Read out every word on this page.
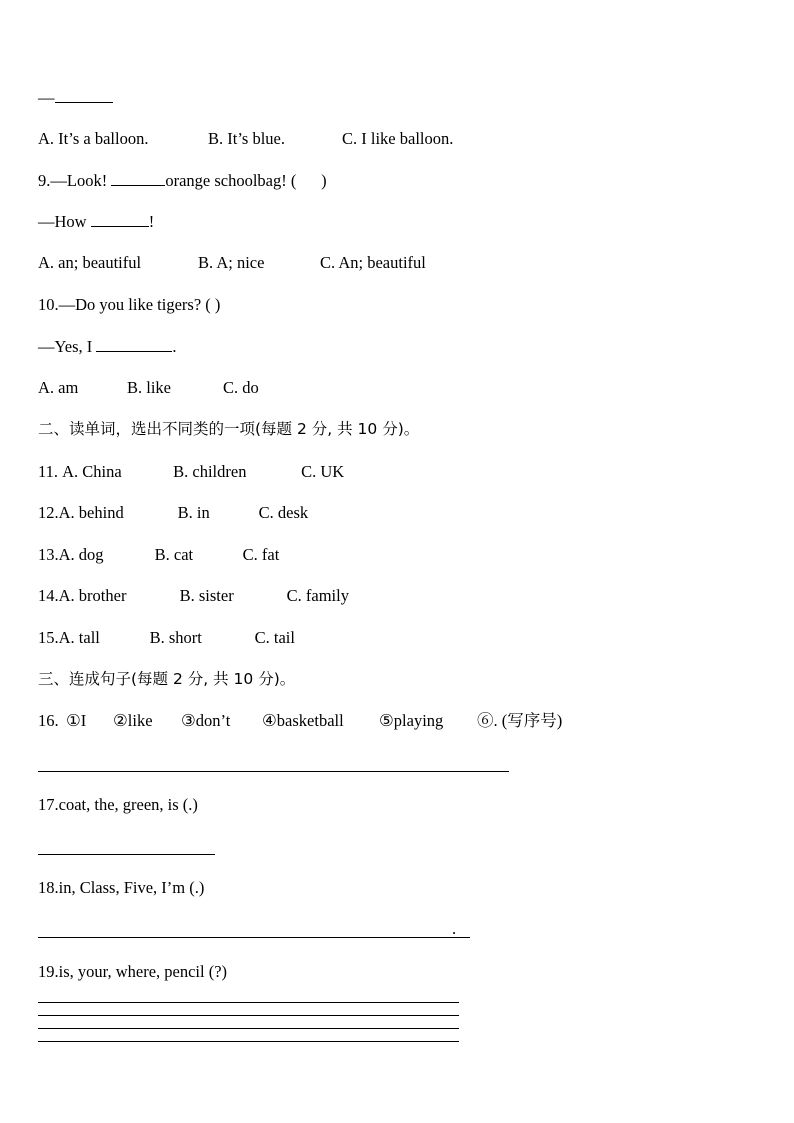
—
A. It’s a balloon.	B. It’s blue.	C. I like balloon.
9.—Look!	orange schoolbag! ( )
—How	!
A. an; beautiful	B. A; nice	C. An; beautiful
10.—Do you like tigers? ( )
—Yes, I	.
A. am	B. like	C. do
二、读单词，选出不同类的一项(每题 2 分, 共 10 分)。
11. A. China	B. children	C. UK
12.A. behind	B. in	C. desk
13.A. dog	B. cat	C. fat
14.A. brother	B. sister	C. family
15.A. tall	B. short	C. tail
三、连成句子(每题 2 分, 共 10 分)。
16.①I ②like ③don’t ④basketball ⑤playing ⑥. (写序号)
17.coat, the, green, is (.)
18.in, Class, Five, I’m (.)
.
19.is, your, where, pencil (?)
